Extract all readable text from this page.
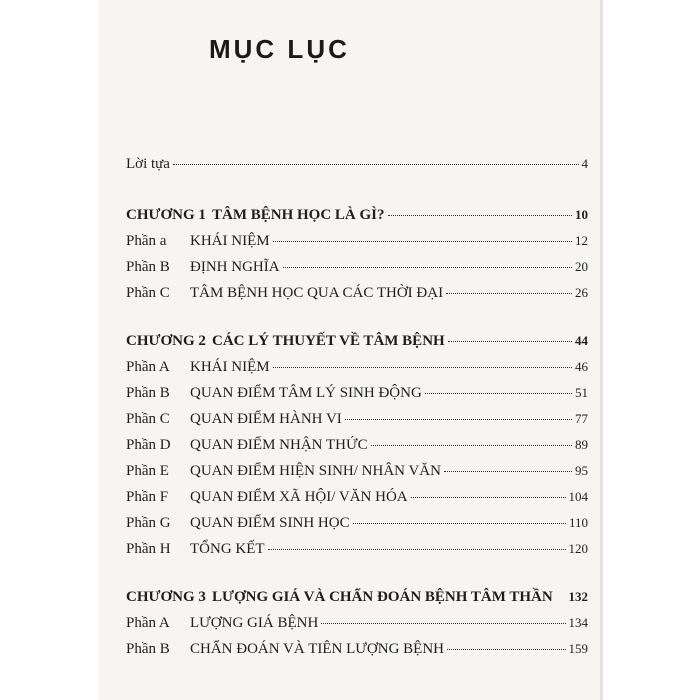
MỤC LỤC
Lời tựa	4
CHƯƠNG 1 TÂM BỆNH HỌC LÀ GÌ?	10
Phần a	KHÁI NIỆM	12
Phần B	ĐỊNH NGHĨA	20
Phần C	TÂM BỆNH HỌC QUA CÁC THỜI ĐẠI	26
CHƯƠNG 2 CÁC LÝ THUYẾT VỀ TÂM BỆNH	44
Phần A	KHÁI NIỆM	46
Phần B	QUAN ĐIỂM TÂM LÝ SINH ĐỘNG	51
Phần C	QUAN ĐIỂM HÀNH VI	77
Phần D	QUAN ĐIỂM NHẬN THỨC	89
Phần E	QUAN ĐIỂM HIỆN SINH/ NHÂN VĂN	95
Phần F	QUAN ĐIỂM XÃ HỘI/ VĂN HÓA	104
Phần G	QUAN ĐIỂM SINH HỌC	110
Phần H	TỔNG KẾT	120
CHƯƠNG 3 LƯỢNG GIÁ VÀ CHẨN ĐOÁN BỆNH TÂM THẦN 132
Phần A	LƯỢNG GIÁ BỆNH	134
Phần B	CHẨN ĐOÁN VÀ TIÊN LƯỢNG BỆNH	159
